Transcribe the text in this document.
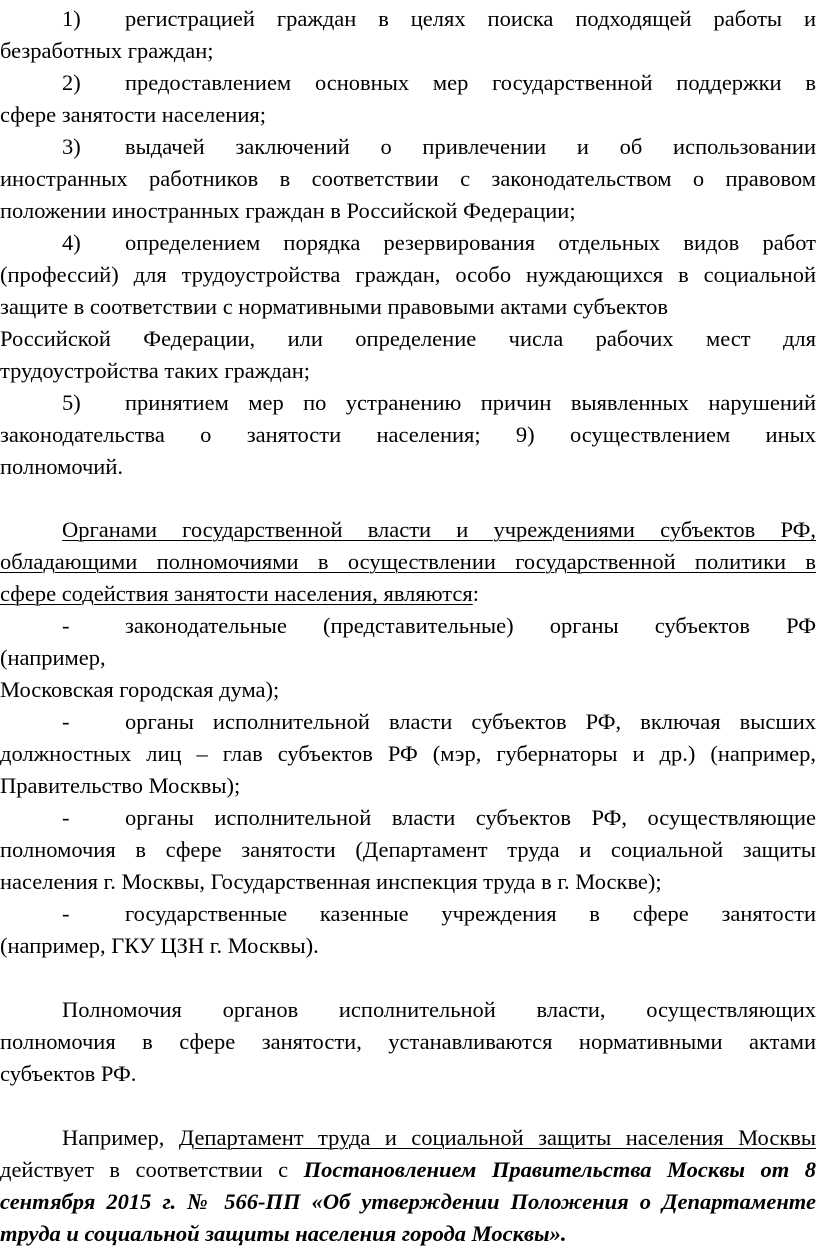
1) регистрацией граждан в целях поиска подходящей работы и
безработных граждан;
2) предоставлением основных мер государственной поддержки в
сфере занятости населения;
3) выдачей заключений о привлечении и об использовании
иностранных работников в соответствии с законодательством о правовом
положении иностранных граждан в Российской Федерации;
4) определением порядка резервирования отдельных видов работ
(профессий) для трудоустройства граждан, особо нуждающихся в социальной
защите в соответствии с нормативными правовыми актами субъектов
Российской Федерации, или определение числа рабочих мест для
трудоустройства таких граждан;
5) принятием мер по устранению причин выявленных нарушений
законодательства о занятости населения; 9) осуществлением иных
полномочий.
Органами государственной власти и учреждениями субъектов РФ,
обладающими полномочиями в осуществлении государственной политики в
сфере содействия занятости населения, являются:
- законодательные (представительные) органы субъектов РФ
(например,
Московская городская дума);
- органы исполнительной власти субъектов РФ, включая высших
должностных лиц – глав субъектов РФ (мэр, губернаторы и др.) (например,
Правительство Москвы);
- органы исполнительной власти субъектов РФ, осуществляющие
полномочия в сфере занятости (Департамент труда и социальной защиты
населения г. Москвы, Государственная инспекция труда в г. Москве);
- государственные казенные учреждения в сфере занятости
(например, ГКУ ЦЗН г. Москвы).
Полномочия органов исполнительной власти, осуществляющих
полномочия в сфере занятости, устанавливаются нормативными актами
субъектов РФ.
Например, Департамент труда и социальной защиты населения Москвы
действует в соответствии с Постановлением Правительства Москвы от 8
сентября 2015 г. № 566-ПП «Об утверждении Положения о Департаменте
труда и социальной защиты населения города Москвы».
